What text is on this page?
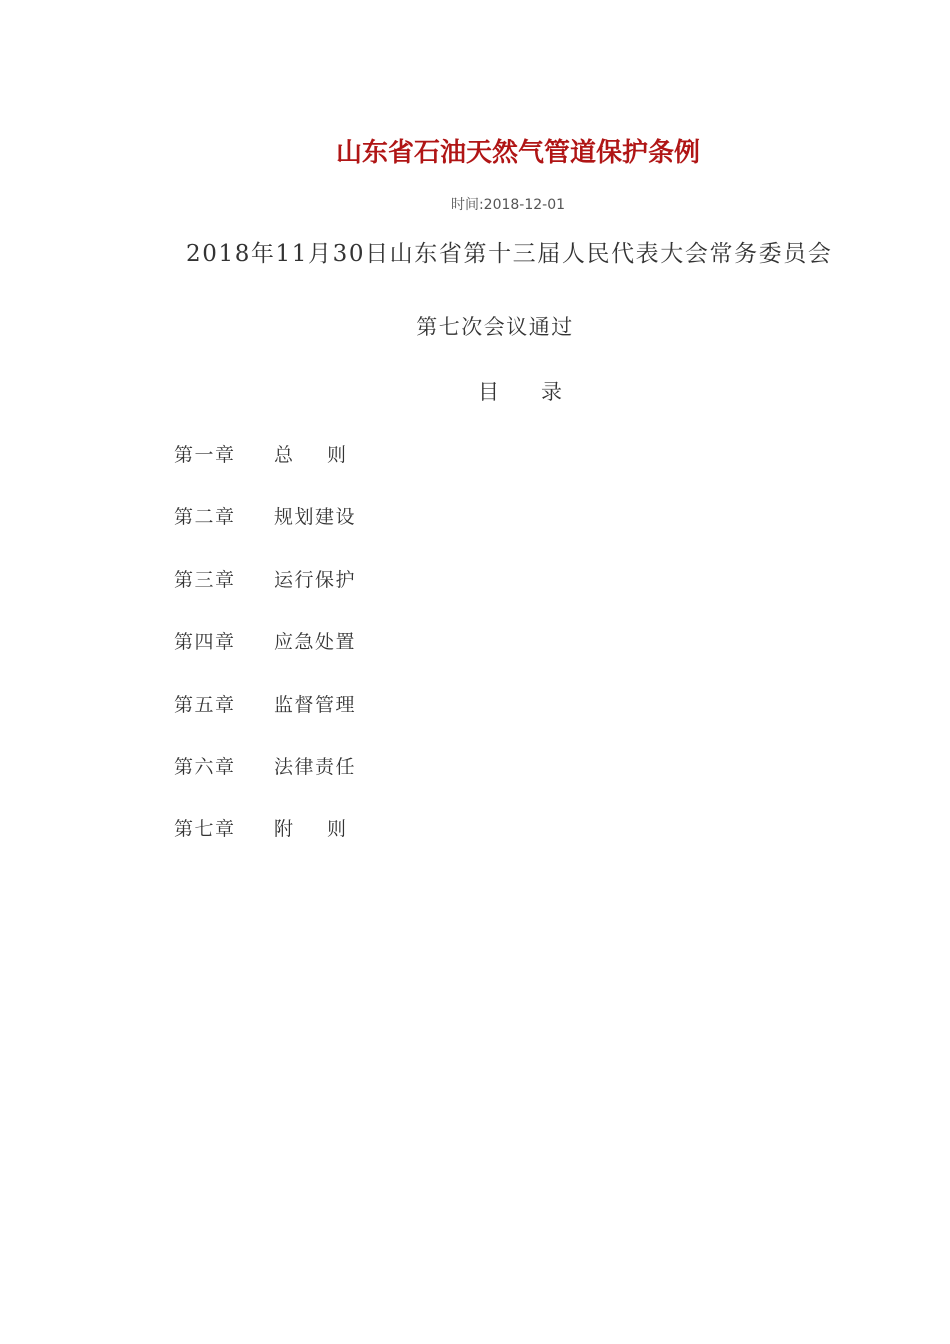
山东省石油天然气管道保护条例
时间:2018-12-01
2018年11月30日山东省第十三届人民代表大会常务委员会
第七次会议通过
目 录
第一章 总则
第二章 规划建设
第三章 运行保护
第四章 应急处置
第五章 监督管理
第六章 法律责任
第七章 附则
